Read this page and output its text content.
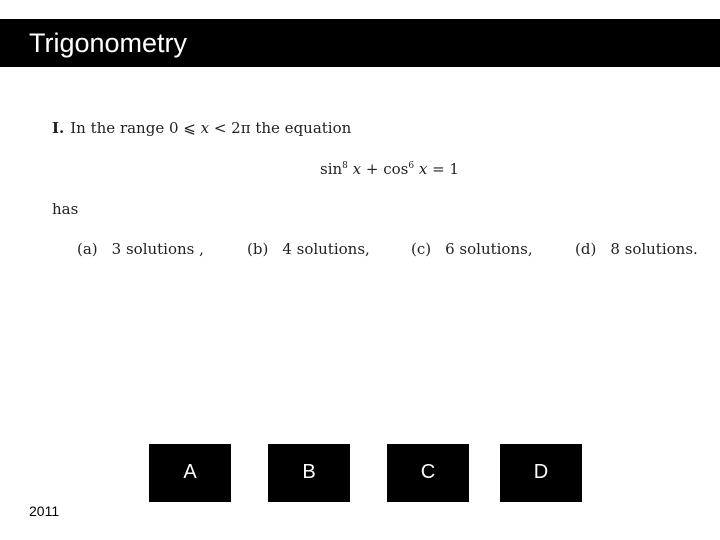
Trigonometry
I. In the range 0 ⩽ x < 2π the equation
$\sin^8 x + \cos^6 x = 1$
has
(a) 3 solutions ,	(b) 4 solutions,	(c) 6 solutions,	(d) 8 solutions.
A	B	C	D
2011
